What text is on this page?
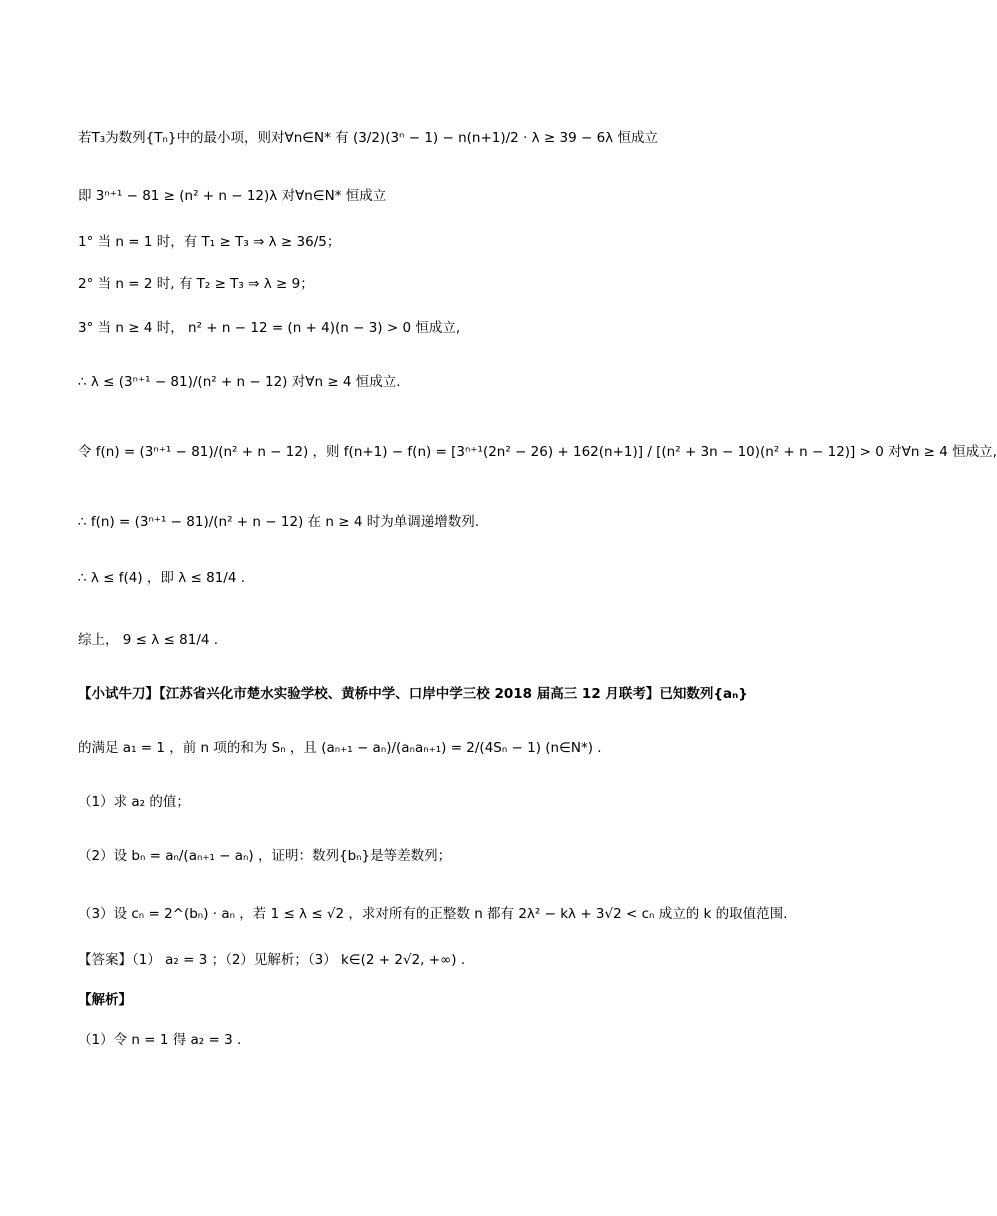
若T₃为数列{Tₙ}中的最小项，则对∀n∈N* 有 (3/2)(3ⁿ − 1) − n(n+1)/2 · λ ≥ 39 − 6λ 恒成立
即 3ⁿ⁺¹ − 81 ≥ (n² + n − 12)λ 对∀n∈N* 恒成立
1° 当 n = 1 时，有 T₁ ≥ T₃ ⇒ λ ≥ 36/5；
2° 当 n = 2 时, 有 T₂ ≥ T₃ ⇒ λ ≥ 9；
3° 当 n ≥ 4 时， n² + n − 12 = (n + 4)(n − 3) > 0 恒成立,
∴ λ ≤ (3ⁿ⁺¹ − 81)/(n² + n − 12) 对∀n ≥ 4 恒成立.
令 f(n) = (3ⁿ⁺¹ − 81)/(n² + n − 12) ，则 f(n+1) − f(n) = [3ⁿ⁺¹(2n² − 26) + 162(n+1)] / [(n² + 3n − 10)(n² + n − 12)] > 0 对∀n ≥ 4 恒成立,
∴ f(n) = (3ⁿ⁺¹ − 81)/(n² + n − 12) 在 n ≥ 4 时为单调递增数列.
∴ λ ≤ f(4) ，即 λ ≤ 81/4 .
综上， 9 ≤ λ ≤ 81/4 .
【小试牛刀】【江苏省兴化市楚水实验学校、黄桥中学、口岸中学三校 2018 届高三 12 月联考】已知数列{aₙ}
的满足 a₁ = 1 ，前 n 项的和为 Sₙ ，且 (aₙ₊₁ − aₙ)/(aₙaₙ₊₁) = 2/(4Sₙ − 1) (n∈N*) .
（1）求 a₂ 的值；
（2）设 bₙ = aₙ/(aₙ₊₁ − aₙ) ，证明：数列{bₙ}是等差数列；
（3）设 cₙ = 2^(bₙ) · aₙ ，若 1 ≤ λ ≤ √2 ，求对所有的正整数 n 都有 2λ² − kλ + 3√2 < cₙ 成立的 k 的取值范围.
【答案】（1） a₂ = 3 ；（2）见解析；（3） k∈(2 + 2√2, +∞) .
【解析】
（1）令 n = 1 得 a₂ = 3 .
